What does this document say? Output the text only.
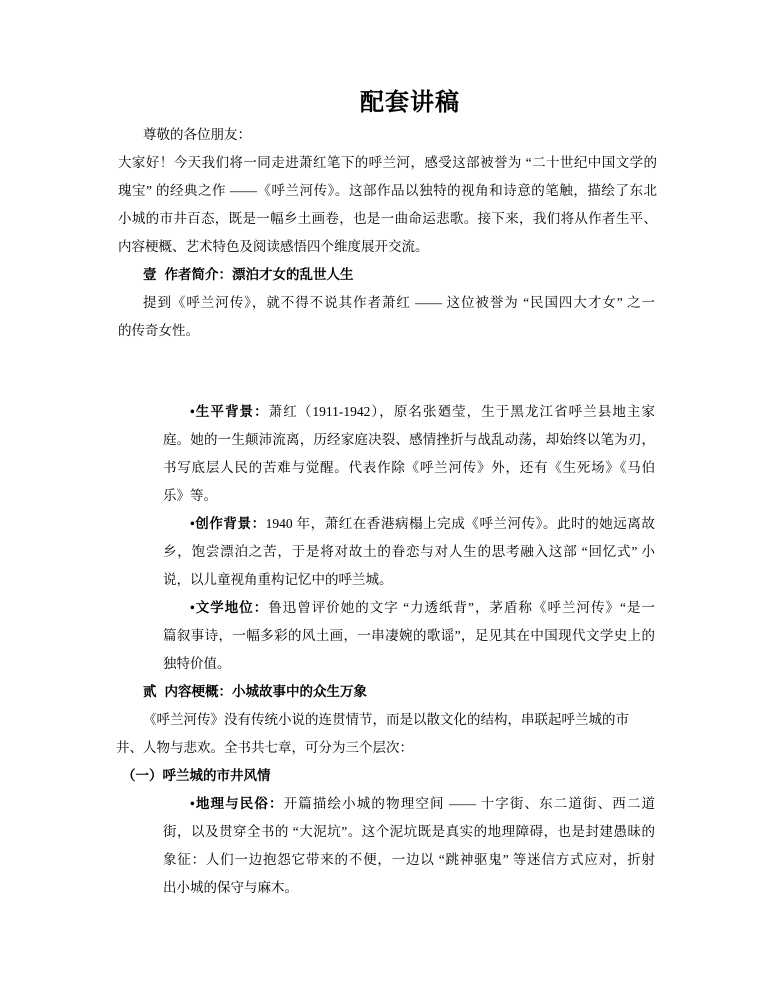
配套讲稿
尊敬的各位朋友：
大家好！今天我们将一同走进萧红笔下的呼兰河，感受这部被誉为 “二十世纪中国文学的
瑰宝” 的经典之作 ——《呼兰河传》。这部作品以独特的视角和诗意的笔触，描绘了东北
小城的市井百态，既是一幅乡土画卷，也是一曲命运悲歌。接下来，我们将从作者生平、
内容梗概、艺术特色及阅读感悟四个维度展开交流。
壹 作者简介：漂泊才女的乱世人生
提到《呼兰河传》，就不得不说其作者萧红 —— 这位被誉为 “民国四大才女” 之一
的传奇女性。
•生平背景：萧红（1911-1942），原名张廼莹，生于黑龙江省呼兰县地主家
庭。她的一生颠沛流离，历经家庭决裂、感情挫折与战乱动荡，却始终以笔为刃，
书写底层人民的苦难与觉醒。代表作除《呼兰河传》外，还有《生死场》《马伯
乐》等。
•创作背景：1940 年，萧红在香港病榻上完成《呼兰河传》。此时的她远离故
乡，饱尝漂泊之苦，于是将对故土的眷恋与对人生的思考融入这部 “回忆式” 小
说，以儿童视角重构记忆中的呼兰城。
•文学地位：鲁迅曾评价她的文字 “力透纸背”，茅盾称《呼兰河传》“是一
篇叙事诗，一幅多彩的风土画，一串凄婉的歌谣”，足见其在中国现代文学史上的
独特价值。
贰 内容梗概：小城故事中的众生万象
《呼兰河传》没有传统小说的连贯情节，而是以散文化的结构，串联起呼兰城的市
井、人物与悲欢。全书共七章，可分为三个层次：
（一）呼兰城的市井风情
•地理与民俗：开篇描绘小城的物理空间 —— 十字街、东二道街、西二道
街，以及贯穿全书的 “大泥坑”。这个泥坑既是真实的地理障碍，也是封建愚昧的
象征：人们一边抱怨它带来的不便，一边以 “跳神驱鬼” 等迷信方式应对，折射
出小城的保守与麻木。
